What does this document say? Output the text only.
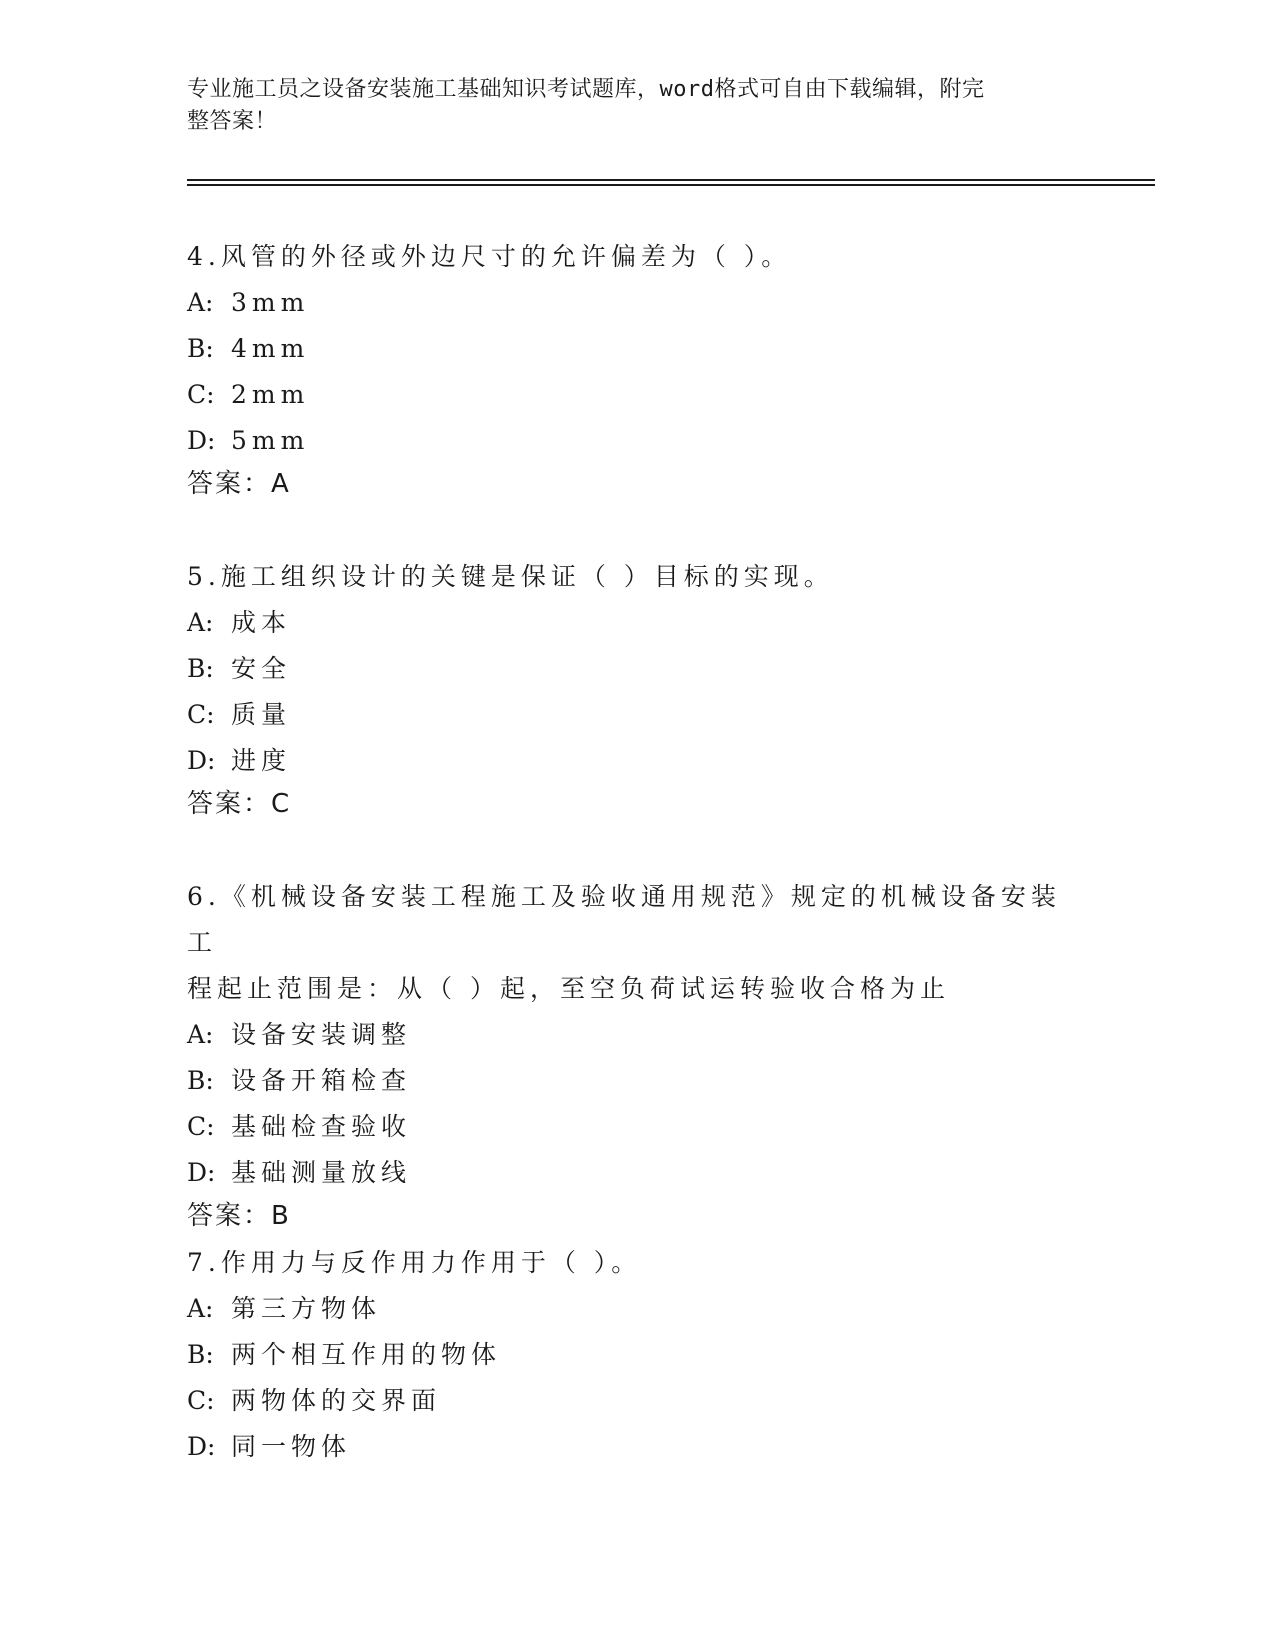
专业施工员之设备安装施工基础知识考试题库，word格式可自由下载编辑，附完
整答案！
4.风管的外径或外边尺寸的允许偏差为（ ）。
A: 3mm
B: 4mm
C: 2mm
D: 5mm
答案：A
5.施工组织设计的关键是保证（ ）目标的实现。
A: 成本
B: 安全
C: 质量
D: 进度
答案：C
6.《机械设备安装工程施工及验收通用规范》规定的机械设备安装工
程起止范围是：从（ ）起，至空负荷试运转验收合格为止
A: 设备安装调整
B: 设备开箱检查
C: 基础检查验收
D: 基础测量放线
答案：B
7.作用力与反作用力作用于（ ）。
A: 第三方物体
B: 两个相互作用的物体
C: 两物体的交界面
D: 同一物体
